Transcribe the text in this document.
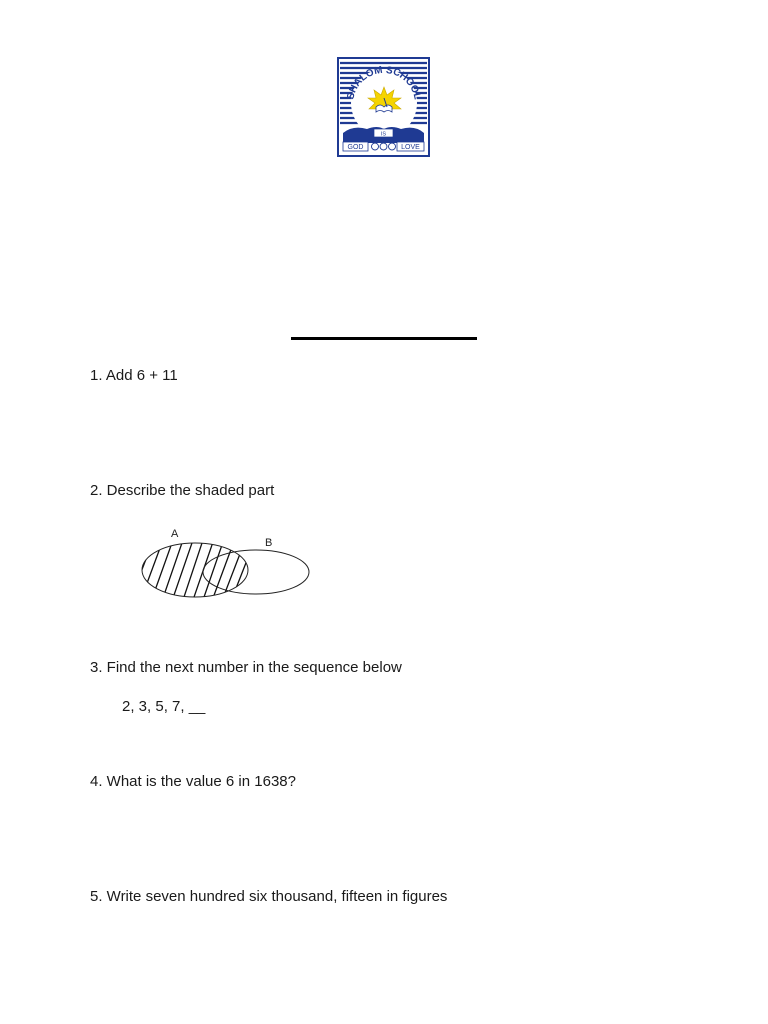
SHALOM SCHOOL
IS
GOD	LOVE
1. Add 6 + 11
2. Describe the shaded part
A
B
3. Find the next number in the sequence below
2, 3, 5, 7, __
4. What is the value 6 in 1638?
5. Write seven hundred six thousand, fifteen in figures
